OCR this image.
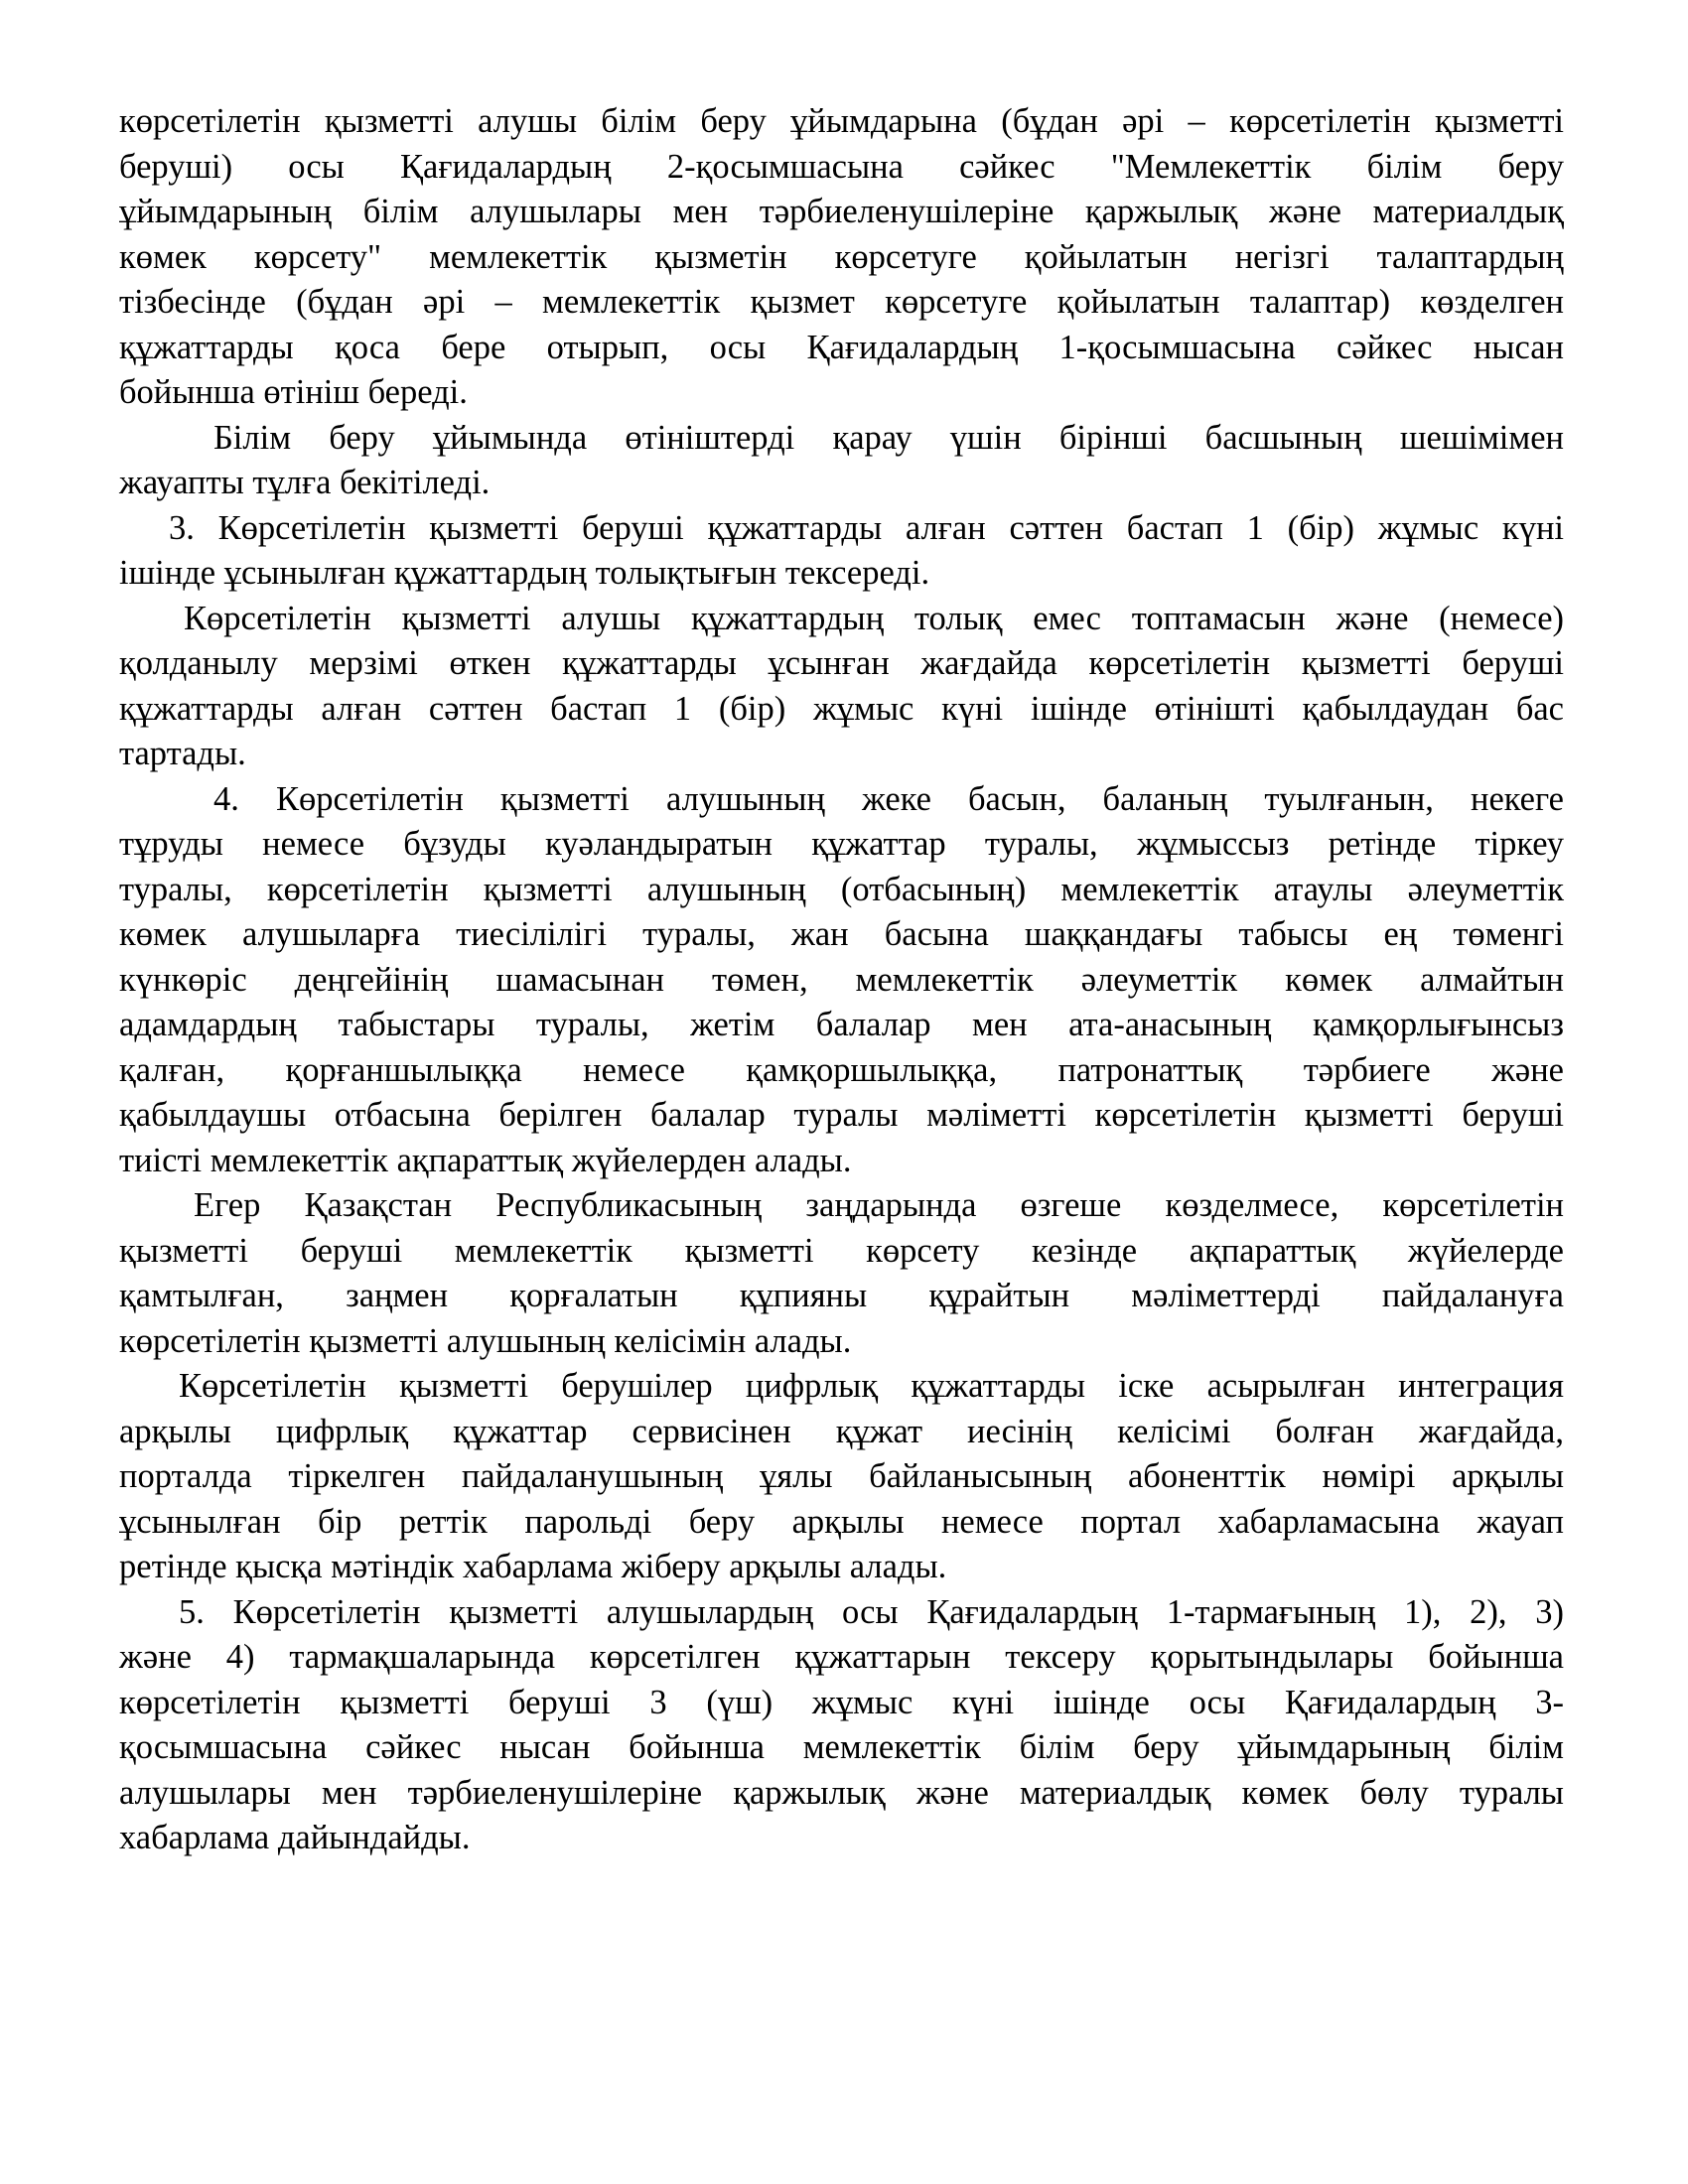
көрсетілетін қызметті алушы білім беру ұйымдарына (бұдан әрі – көрсетілетін қызметті
беруші) осы Қағидалардың 2-қосымшасына сәйкес "Мемлекеттік білім беру
ұйымдарының білім алушылары мен тәрбиеленушілеріне қаржылық және материалдық
көмек көрсету" мемлекеттік қызметін көрсетуге қойылатын негізгі талаптардың
тізбесінде (бұдан әрі – мемлекеттік қызмет көрсетуге қойылатын талаптар) көзделген
құжаттарды қоса бере отырып, осы Қағидалардың 1-қосымшасына сәйкес нысан
бойынша өтініш береді.
Білім беру ұйымында өтініштерді қарау үшін бірінші басшының шешімімен
жауапты тұлға бекітіледі.
3. Көрсетілетін қызметті беруші құжаттарды алған сәттен бастап 1 (бір) жұмыс күні
ішінде ұсынылған құжаттардың толықтығын тексереді.
Көрсетілетін қызметті алушы құжаттардың толық емес топтамасын және (немесе)
қолданылу мерзімі өткен құжаттарды ұсынған жағдайда көрсетілетін қызметті беруші
құжаттарды алған сәттен бастап 1 (бір) жұмыс күні ішінде өтінішті қабылдаудан бас
тартады.
4. Көрсетілетін қызметті алушының жеке басын, баланың туылғанын, некеге
тұруды немесе бұзуды куәландыратын құжаттар туралы, жұмыссыз ретінде тіркеу
туралы, көрсетілетін қызметті алушының (отбасының) мемлекеттік атаулы әлеуметтік
көмек алушыларға тиесілілігі туралы, жан басына шаққандағы табысы ең төменгі
күнкөріс деңгейінің шамасынан төмен, мемлекеттік әлеуметтік көмек алмайтын
адамдардың табыстары туралы, жетім балалар мен ата-анасының қамқорлығынсыз
қалған, қорғаншылыққа немесе қамқоршылыққа, патронаттық тәрбиеге және
қабылдаушы отбасына берілген балалар туралы мәліметті көрсетілетін қызметті беруші
тиісті мемлекеттік ақпараттық жүйелерден алады.
Егер Қазақстан Республикасының заңдарында өзгеше көзделмесе, көрсетілетін
қызметті беруші мемлекеттік қызметті көрсету кезінде ақпараттық жүйелерде
қамтылған, заңмен қорғалатын құпияны құрайтын мәліметтерді пайдалануға
көрсетілетін қызметті алушының келісімін алады.
Көрсетілетін қызметті берушілер цифрлық құжаттарды іске асырылған интеграция
арқылы цифрлық құжаттар сервисінен құжат иесінің келісімі болған жағдайда,
порталда тіркелген пайдаланушының ұялы байланысының абоненттік нөмірі арқылы
ұсынылған бір реттік парольді беру арқылы немесе портал хабарламасына жауап
ретінде қысқа мәтіндік хабарлама жіберу арқылы алады.
5. Көрсетілетін қызметті алушылардың осы Қағидалардың 1-тармағының 1), 2), 3)
және 4) тармақшаларында көрсетілген құжаттарын тексеру қорытындылары бойынша
көрсетілетін қызметті беруші 3 (үш) жұмыс күні ішінде осы Қағидалардың 3-
қосымшасына сәйкес нысан бойынша мемлекеттік білім беру ұйымдарының білім
алушылары мен тәрбиеленушілеріне қаржылық және материалдық көмек бөлу туралы
хабарлама дайындайды.
